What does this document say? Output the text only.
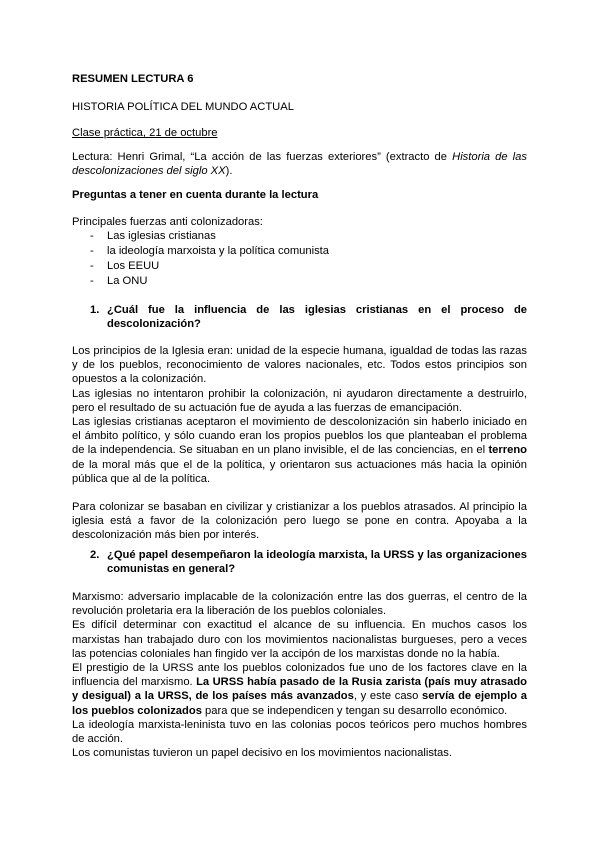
RESUMEN LECTURA 6
HISTORIA POLÍTICA DEL MUNDO ACTUAL
Clase práctica, 21 de octubre
Lectura: Henri Grimal, “La acción de las fuerzas exteriores” (extracto de Historia de las descolonizaciones del siglo XX).
Preguntas a tener en cuenta durante la lectura
Principales fuerzas anti colonizadoras:
- Las iglesias cristianas
- la ideología marxoista y la política comunista
- Los EEUU
- La ONU
1. ¿Cuál fue la influencia de las iglesias cristianas en el proceso de descolonización?

Los principios de la Iglesia eran: unidad de la especie humana, igualdad de todas las razas y de los pueblos, reconocimiento de valores nacionales, etc. Todos estos principios son opuestos a la colonización.

Las iglesias no intentaron prohibir la colonización, ni ayudaron directamente a destruirlo, pero el resultado de su actuación fue de ayuda a las fuerzas de emancipación.

Las iglesias cristianas aceptaron el movimiento de descolonización sin haberlo iniciado en el ámbito político, y sólo cuando eran los propios pueblos los que planteaban el problema de la independencia. Se situaban en un plano invisible, el de las conciencias, en el terreno de la moral más que el de la política, y orientaron sus actuaciones más hacia la opinión pública que al de la política.

Para colonizar se basaban en civilizar y cristianizar a los pueblos atrasados. Al principio la iglesia está a favor de la colonización pero luego se pone en contra. Apoyaba a la descolonización más bien por interés.

2. ¿Qué papel desempeñaron la ideología marxista, la URSS y las organizaciones comunistas en general?

Marxismo: adversario implacable de la colonización entre las dos guerras, el centro de la revolución proletaria era la liberación de los pueblos coloniales.

Es difícil determinar con exactitud el alcance de su influencia. En muchos casos los marxistas han trabajado duro con los movimientos nacionalistas burgueses, pero a veces las potencias coloniales han fingido ver la accipón de los marxistas donde no la había.

El prestigio de la URSS ante los pueblos colonizados fue uno de los factores clave en la influencia del marxismo. La URSS había pasado de la Rusia zarista (país muy atrasado y desigual) a la URSS, de los países más avanzados, y este caso servía de ejemplo a los pueblos colonizados para que se independicen y tengan su desarrollo económico.

La ideología marxista-leninista tuvo en las colonias pocos teóricos pero muchos hombres de acción.

Los comunistas tuvieron un papel decisivo en los movimientos nacionalistas.
